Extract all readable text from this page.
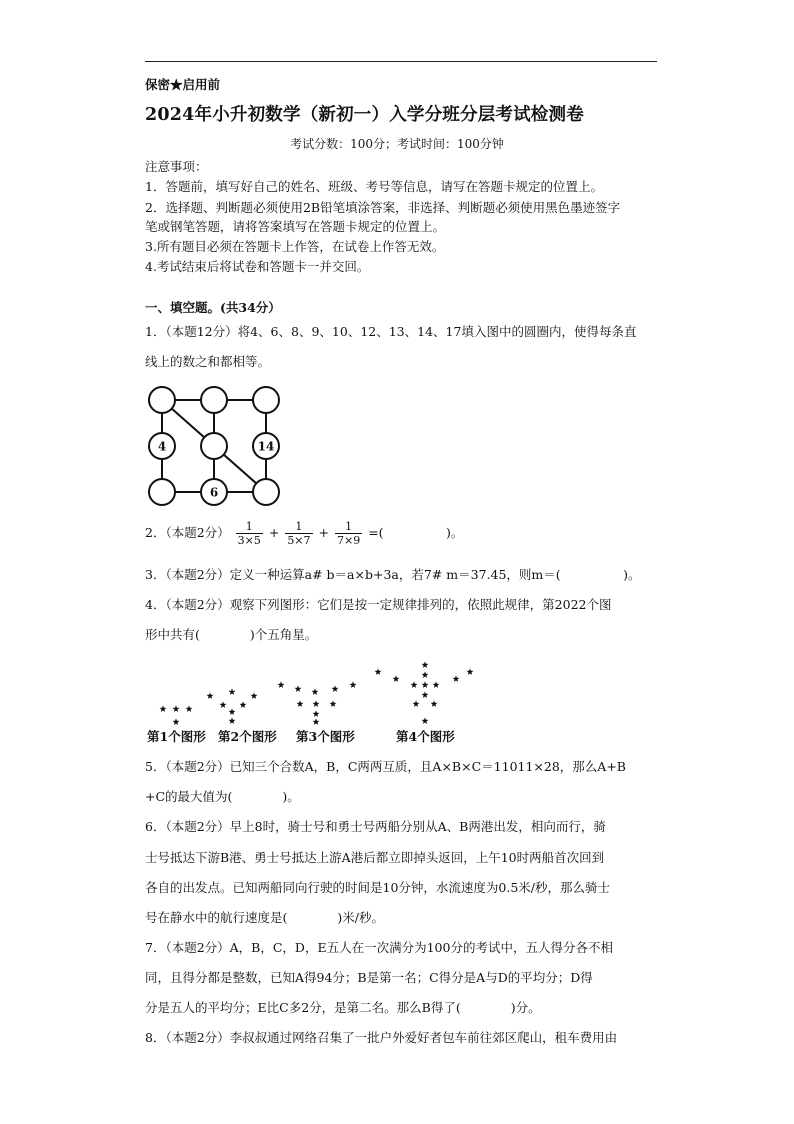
保密★启用前
2024年小升初数学（新初一）入学分班分层考试检测卷
考试分数：100分；考试时间：100分钟
注意事项：
1．答题前，填写好自己的姓名、班级、考号等信息，请写在答题卡规定的位置上。
2．选择题、判断题必须使用2B铅笔填涂答案，非选择、判断题必须使用黑色墨迹签字
笔或钢笔答题，请将答案填写在答题卡规定的位置上。
3.所有题目必须在答题卡上作答，在试卷上作答无效。
4.考试结束后将试卷和答题卡一并交回。
一、填空题。(共34分）
1．（本题12分）将4、6、8、9、10、12、13、14、17填入图中的圆圈内，使得每条直
线上的数之和都相等。
4	14
6
2．（本题2分） $\frac{1}{3\times 5} + \frac{1}{5\times 7} + \frac{1}{7\times 9}$ =(　　　　　)。
3．（本题2分）定义一种运算a# b＝a×b+3a，若7# m＝37.45，则m＝(　　　　　)。
4．（本题2分）观察下列图形：它们是按一定规律排列的，依照此规律，第2022个图
形中共有(　　　　)个五角星。
第1个图形 第2个图形 第3个图形	第4个图形
5．（本题2分）已知三个合数A，B，C两两互质，且A×B×C＝11011×28，那么A+B
+C的最大值为(　　　　)。
6．（本题2分）早上8时，骑士号和勇士号两船分别从A、B两港出发，相向而行，骑
士号抵达下游B港、勇士号抵达上游A港后都立即掉头返回，上午10时两船首次回到
各自的出发点。已知两船同向行驶的时间是10分钟，水流速度为0.5米/秒，那么骑士
号在静水中的航行速度是(　　　　)米/秒。
7．（本题2分）A，B，C，D，E五人在一次满分为100分的考试中，五人得分各不相
同，且得分都是整数，已知A得94分；B是第一名；C得分是A与D的平均分；D得
分是五人的平均分；E比C多2分，是第二名。那么B得了(　　　　)分。
8．（本题2分）李叔叔通过网络召集了一批户外爱好者包车前往郊区爬山，租车费用由
